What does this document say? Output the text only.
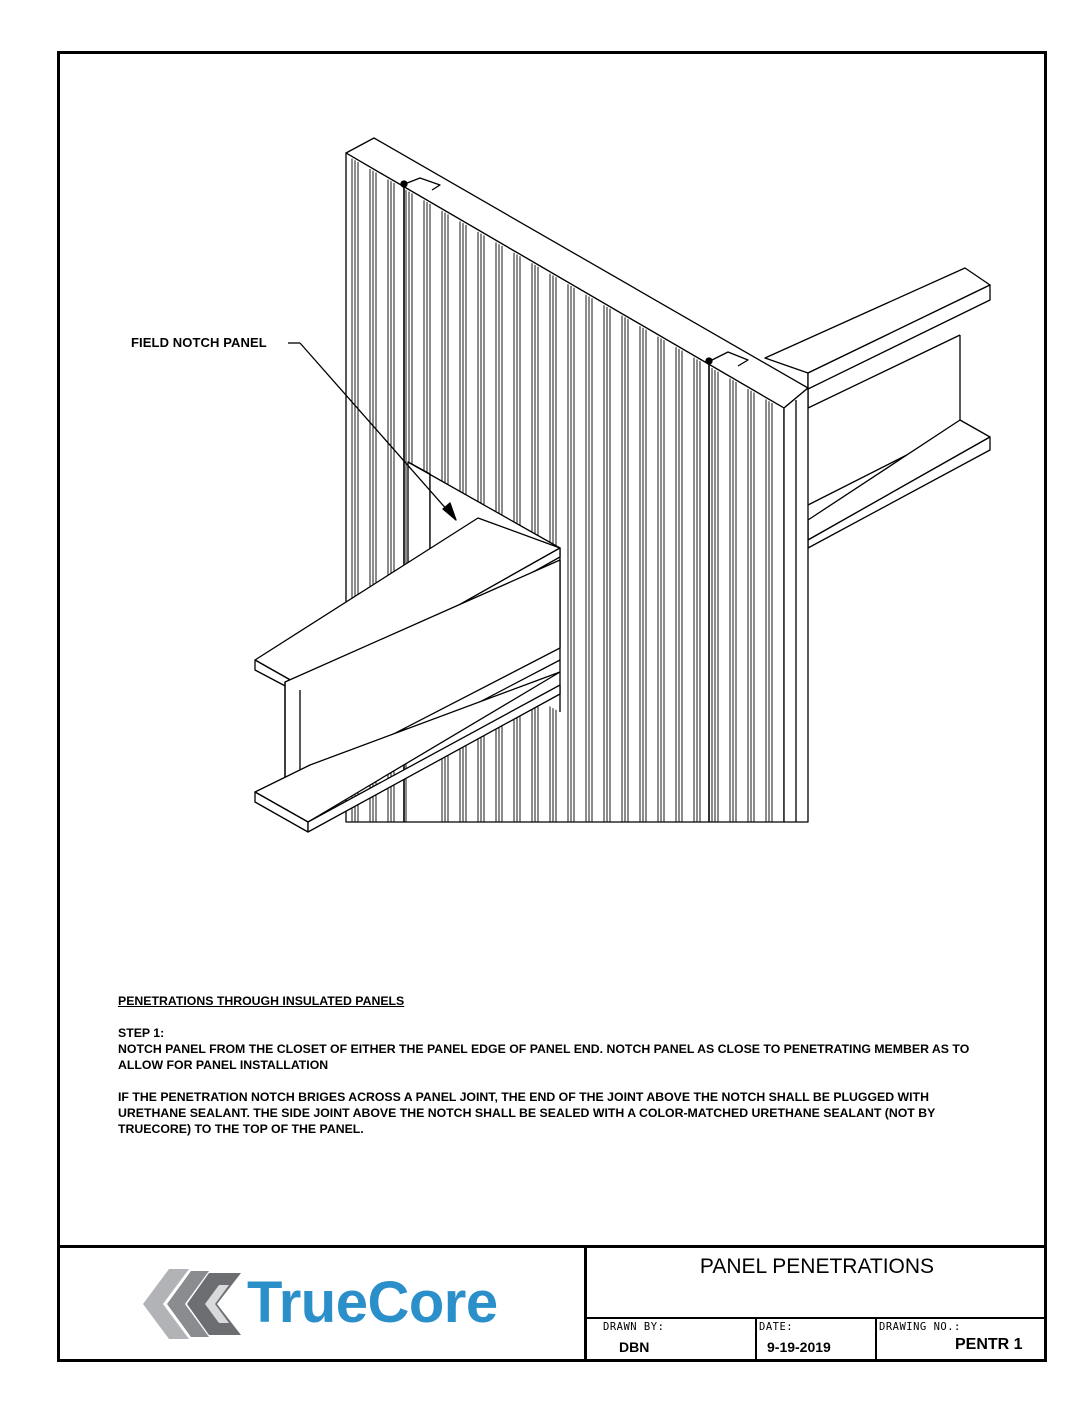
FIELD NOTCH PANEL
PENETRATIONS THROUGH INSULATED PANELS
STEP 1:

NOTCH PANEL FROM THE CLOSET OF EITHER THE PANEL EDGE OF PANEL END. NOTCH PANEL AS CLOSE TO PENETRATING MEMBER AS TO ALLOW FOR PANEL INSTALLATION

IF THE PENETRATION NOTCH BRIGES ACROSS A PANEL JOINT, THE END OF THE JOINT ABOVE THE NOTCH SHALL BE PLUGGED WITH URETHANE SEALANT. THE SIDE JOINT ABOVE THE NOTCH SHALL BE SEALED WITH A COLOR-MATCHED URETHANE SEALANT (NOT BY TRUECORE) TO THE TOP OF THE PANEL.

TrueCore
PANEL PENETRATIONS
DRAWN BY:
DBN
DATE:
9-19-2019
DRAWING NO.:
PENTR 1
